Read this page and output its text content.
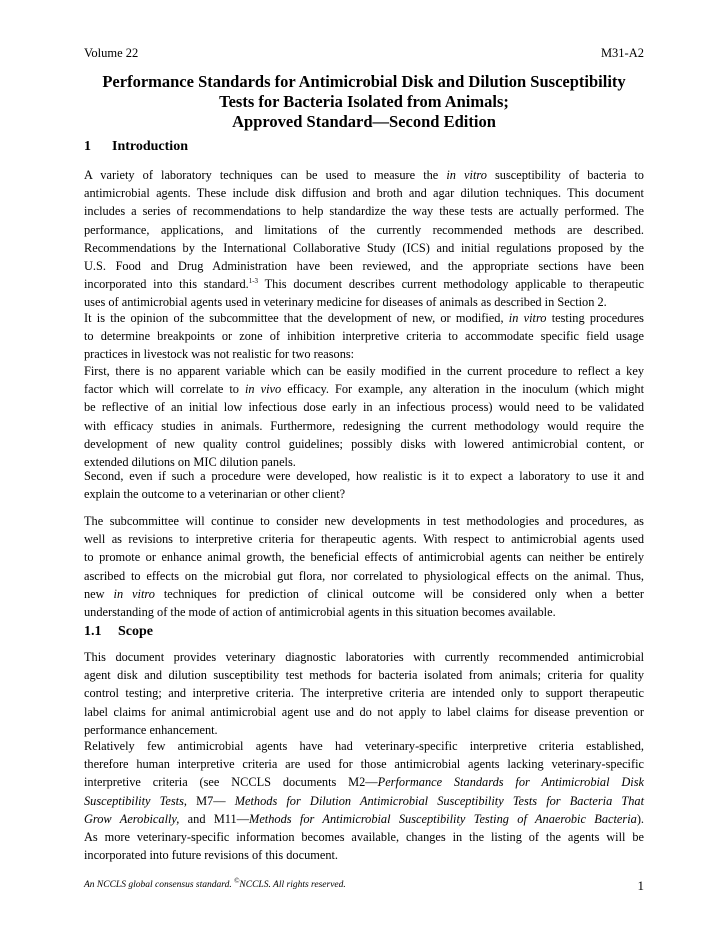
Volume 22	M31-A2
Performance Standards for Antimicrobial Disk and Dilution Susceptibility
Tests for Bacteria Isolated from Animals;
Approved Standard—Second Edition
1 Introduction
A variety of laboratory techniques can be used to measure the in vitro susceptibility of bacteria to
antimicrobial agents. These include disk diffusion and broth and agar dilution techniques. This document
includes a series of recommendations to help standardize the way these tests are actually performed. The
performance, applications, and limitations of the currently recommended methods are described.
Recommendations by the International Collaborative Study (ICS) and initial regulations proposed by the
U.S. Food and Drug Administration have been reviewed, and the appropriate sections have been
incorporated into this standard.$^{1-3}$ This document describes current methodology applicable to therapeutic
uses of antimicrobial agents used in veterinary medicine for diseases of animals as described in Section 2.
It is the opinion of the subcommittee that the development of new, or modified, in vitro testing procedures
to determine breakpoints or zone of inhibition interpretive criteria to accommodate specific field usage
practices in livestock was not realistic for two reasons:
First, there is no apparent variable which can be easily modified in the current procedure to reflect a key
factor which will correlate to in vivo efficacy. For example, any alteration in the inoculum (which might
be reflective of an initial low infectious dose early in an infectious process) would need to be validated
with efficacy studies in animals. Furthermore, redesigning the current methodology would require the
development of new quality control guidelines; possibly disks with lowered antimicrobial content, or
extended dilutions on MIC dilution panels.
Second, even if such a procedure were developed, how realistic is it to expect a laboratory to use it and
explain the outcome to a veterinarian or other client?
The subcommittee will continue to consider new developments in test methodologies and procedures, as
well as revisions to interpretive criteria for therapeutic agents. With respect to antimicrobial agents used
to promote or enhance animal growth, the beneficial effects of antimicrobial agents can neither be entirely
ascribed to effects on the microbial gut flora, nor correlated to physiological effects on the animal. Thus,
new in vitro techniques for prediction of clinical outcome will be considered only when a better
understanding of the mode of action of antimicrobial agents in this situation becomes available.
1.1 Scope
This document provides veterinary diagnostic laboratories with currently recommended antimicrobial
agent disk and dilution susceptibility test methods for bacteria isolated from animals; criteria for quality
control testing; and interpretive criteria. The interpretive criteria are intended only to support therapeutic
label claims for animal antimicrobial agent use and do not apply to label claims for disease prevention or
performance enhancement.
Relatively few antimicrobial agents have had veterinary-specific interpretive criteria established,
therefore human interpretive criteria are used for those antimicrobial agents lacking veterinary-specific
interpretive criteria (see NCCLS documents M2—Performance Standards for Antimicrobial Disk
Susceptibility Tests, M7— Methods for Dilution Antimicrobial Susceptibility Tests for Bacteria That
Grow Aerobically, and M11—Methods for Antimicrobial Susceptibility Testing of Anaerobic Bacteria).
As more veterinary-specific information becomes available, changes in the listing of the agents will be
incorporated into future revisions of this document.
An NCCLS global consensus standard. ©NCCLS. All rights reserved.	1
